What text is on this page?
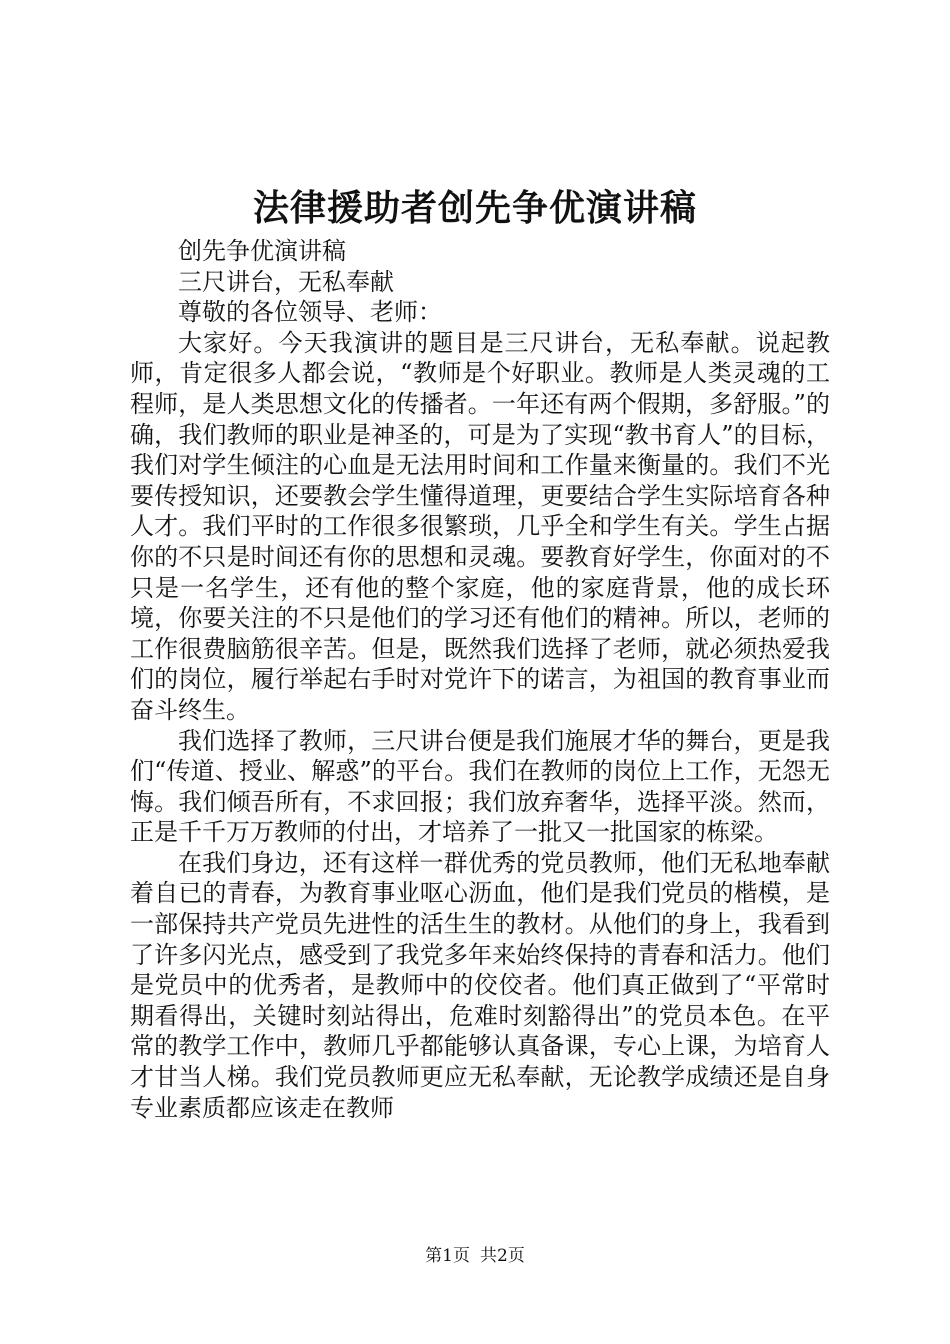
法律援助者创先争优演讲稿

创先争优演讲稿

三尺讲台，无私奉献

尊敬的各位领导、老师：

大家好。今天我演讲的题目是三尺讲台，无私奉献。说起教师，肯定很多人都会说，“教师是个好职业。教师是人类灵魂的工程师，是人类思想文化的传播者。一年还有两个假期，多舒服。”的确，我们教师的职业是神圣的，可是为了实现“教书育人”的目标，我们对学生倾注的心血是无法用时间和工作量来衡量的。我们不光要传授知识，还要教会学生懂得道理，更要结合学生实际培育各种人才。我们平时的工作很多很繁琐，几乎全和学生有关。学生占据你的不只是时间还有你的思想和灵魂。要教育好学生，你面对的不只是一名学生，还有他的整个家庭，他的家庭背景，他的成长环境，你要关注的不只是他们的学习还有他们的精神。所以，老师的工作很费脑筋很辛苦。但是，既然我们选择了老师，就必须热爱我们的岗位，履行举起右手时对党许下的诺言，为祖国的教育事业而奋斗终生。

我们选择了教师，三尺讲台便是我们施展才华的舞台，更是我们“传道、授业、解惑”的平台。我们在教师的岗位上工作，无怨无悔。我们倾吾所有，不求回报；我们放弃奢华，选择平淡。然而，正是千千万万教师的付出，才培养了一批又一批国家的栋梁。

在我们身边，还有这样一群优秀的党员教师，他们无私地奉献着自已的青春，为教育事业呕心沥血，他们是我们党员的楷模，是一部保持共产党员先进性的活生生的教材。从他们的身上，我看到了许多闪光点，感受到了我党多年来始终保持的青春和活力。他们是党员中的优秀者，是教师中的佼佼者。他们真正做到了“平常时期看得出，关键时刻站得出，危难时刻豁得出”的党员本色。在平常的教学工作中，教师几乎都能够认真备课，专心上课，为培育人才甘当人梯。我们党员教师更应无私奉献，无论教学成绩还是自身专业素质都应该走在教师

第1页 共2页
